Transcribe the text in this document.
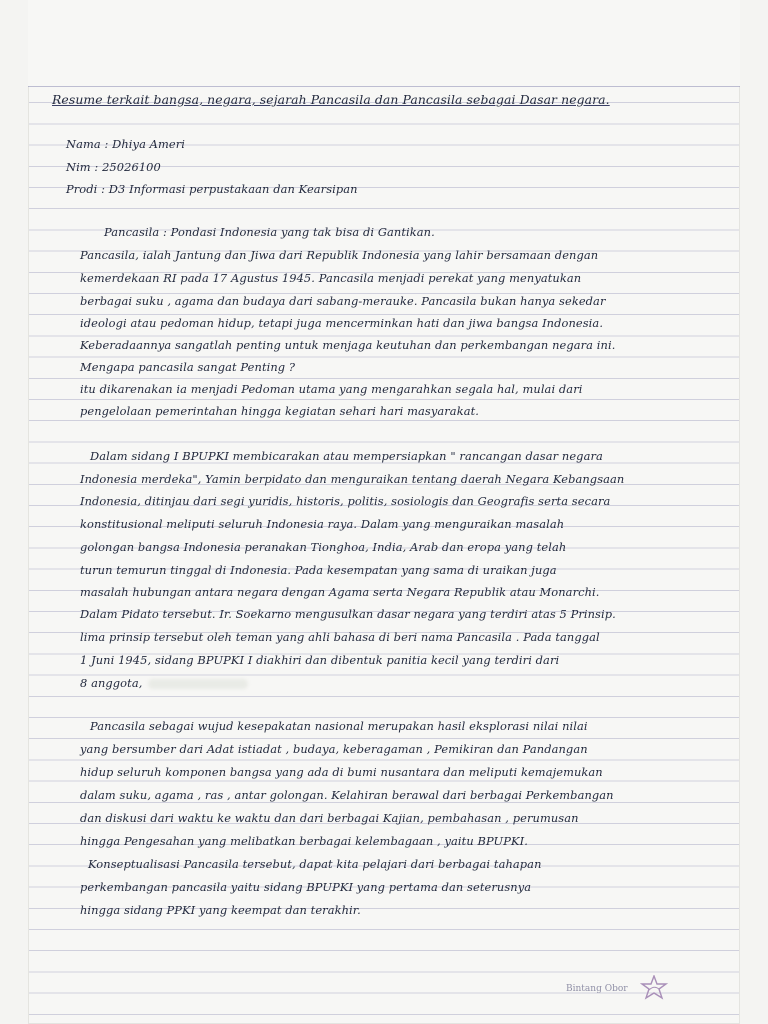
Resume terkait bangsa, negara, sejarah Pancasila dan Pancasila sebagai Dasar negara.
Nama : Dhiya Ameri
Nim : 25026100
Prodi : D3 Informasi perpustakaan dan Kearsipan
Pancasila : Pondasi Indonesia yang tak bisa di Gantikan.
Pancasila, ialah Jantung dan Jiwa dari Republik Indonesia yang lahir bersamaan dengan
kemerdekaan RI pada 17 Agustus 1945. Pancasila menjadi perekat yang menyatukan
berbagai suku , agama dan budaya dari sabang-merauke. Pancasila bukan hanya sekedar
ideologi atau pedoman hidup, tetapi juga mencerminkan hati dan jiwa bangsa Indonesia.
Keberadaannya sangatlah penting untuk menjaga keutuhan dan perkembangan negara ini.
Mengapa pancasila sangat Penting ?
itu dikarenakan ia menjadi Pedoman utama yang mengarahkan segala hal, mulai dari
pengelolaan pemerintahan hingga kegiatan sehari hari masyarakat.
Dalam sidang I BPUPKI membicarakan atau mempersiapkan " rancangan dasar negara
Indonesia merdeka", Yamin berpidato dan menguraikan tentang daerah Negara Kebangsaan
Indonesia, ditinjau dari segi yuridis, historis, politis, sosiologis dan Geografis serta secara
konstitusional meliputi seluruh Indonesia raya. Dalam yang menguraikan masalah
golongan bangsa Indonesia peranakan Tionghoa, India, Arab dan eropa yang telah
turun temurun tinggal di Indonesia. Pada kesempatan yang sama di uraikan juga
masalah hubungan antara negara dengan Agama serta Negara Republik atau Monarchi.
Dalam Pidato tersebut. Ir. Soekarno mengusulkan dasar negara yang terdiri atas 5 Prinsip.
lima prinsip tersebut oleh teman yang ahli bahasa di beri nama Pancasila . Pada tanggal
1 Juni 1945, sidang BPUPKI I diakhiri dan dibentuk panitia kecil yang terdiri dari
8 anggota,
Pancasila sebagai wujud kesepakatan nasional merupakan hasil eksplorasi nilai nilai
yang bersumber dari Adat istiadat , budaya, keberagaman , Pemikiran dan Pandangan
hidup seluruh komponen bangsa yang ada di bumi nusantara dan meliputi kemajemukan
dalam suku, agama , ras , antar golongan. Kelahiran berawal dari berbagai Perkembangan
dan diskusi dari waktu ke waktu dan dari berbagai Kajian, pembahasan , perumusan
hingga Pengesahan yang melibatkan berbagai kelembagaan , yaitu BPUPKI.
Konseptualisasi Pancasila tersebut, dapat kita pelajari dari berbagai tahapan
perkembangan pancasila yaitu sidang BPUPKI yang pertama dan seterusnya
hingga sidang PPKI yang keempat dan terakhir.
Bintang Obor
